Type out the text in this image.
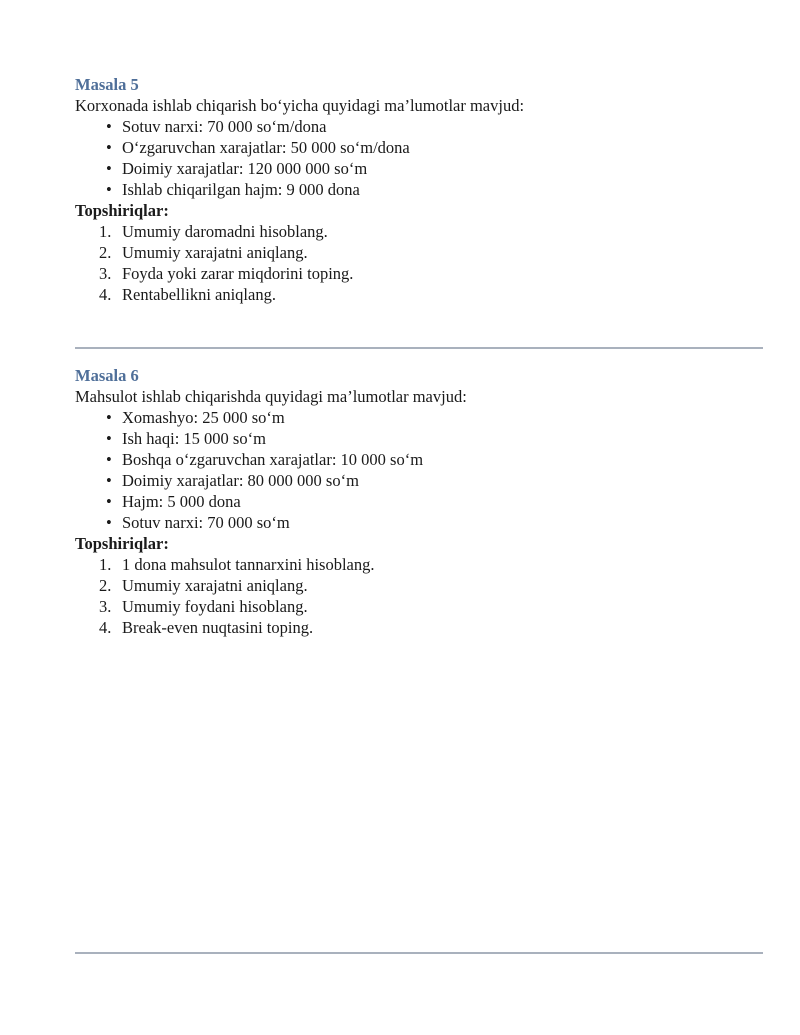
Masala 5

Korxonada ishlab chiqarish bo‘yicha quyidagi ma’lumotlar mavjud:

• Sotuv narxi: 70 000 so‘m/dona
• O‘zgaruvchan xarajatlar: 50 000 so‘m/dona
• Doimiy xarajatlar: 120 000 000 so‘m
• Ishlab chiqarilgan hajm: 9 000 dona

Topshiriqlar:

1. Umumiy daromadni hisoblang.
2. Umumiy xarajatni aniqlang.
3. Foyda yoki zarar miqdorini toping.
4. Rentabellikni aniqlang.

Masala 6

Mahsulot ishlab chiqarishda quyidagi ma’lumotlar mavjud:

• Xomashyo: 25 000 so‘m
• Ish haqi: 15 000 so‘m
• Boshqa o‘zgaruvchan xarajatlar: 10 000 so‘m
• Doimiy xarajatlar: 80 000 000 so‘m
• Hajm: 5 000 dona
• Sotuv narxi: 70 000 so‘m

Topshiriqlar:

1. 1 dona mahsulot tannarxini hisoblang.
2. Umumiy xarajatni aniqlang.
3. Umumiy foydani hisoblang.
4. Break-even nuqtasini toping.
